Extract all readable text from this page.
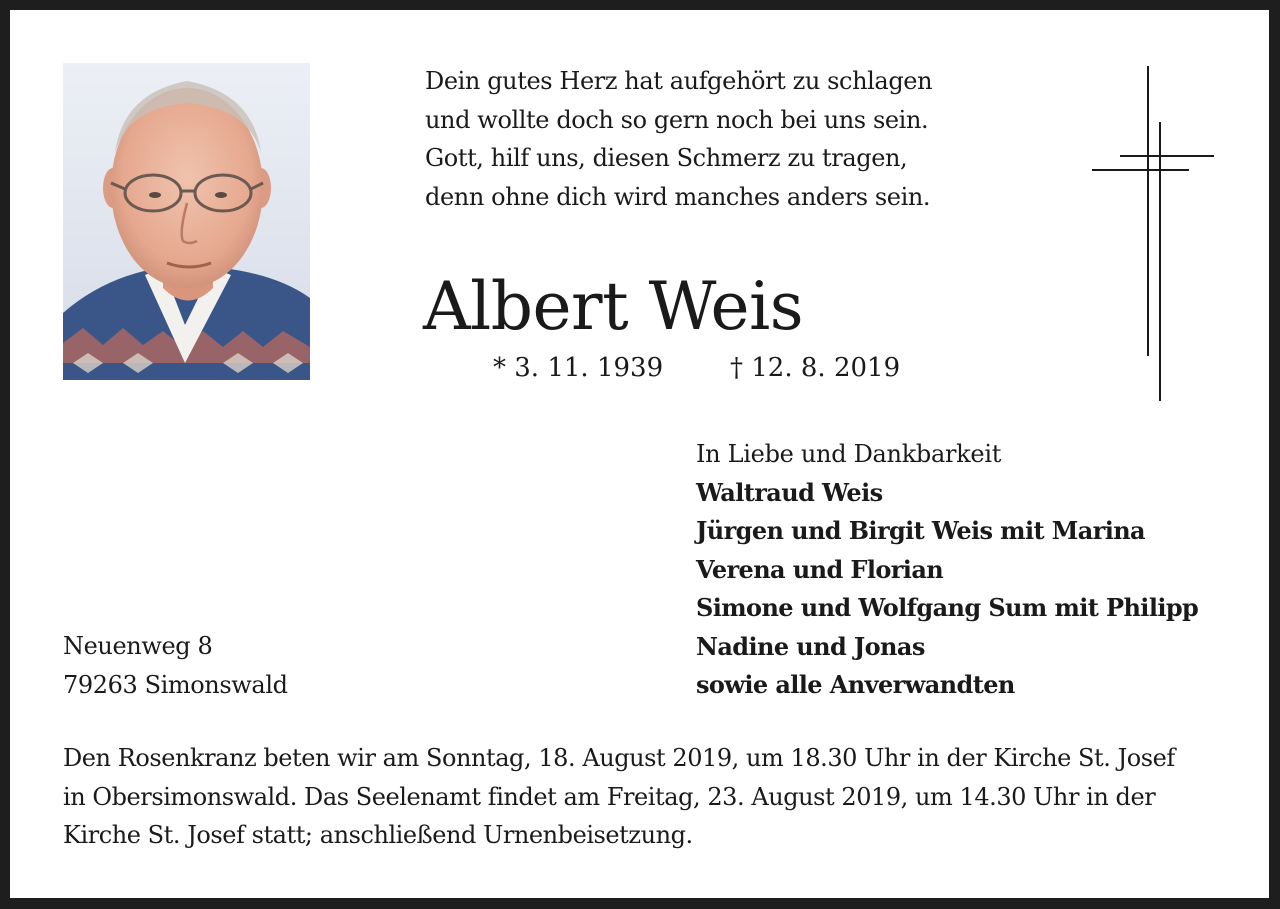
Dein gutes Herz hat aufgehört zu schlagen
und wollte doch so gern noch bei uns sein.
Gott, hilf uns, diesen Schmerz zu tragen,
denn ohne dich wird manches anders sein.
Albert Weis
* 3. 11. 1939	† 12. 8. 2019
In Liebe und Dankbarkeit
Waltraud Weis
Jürgen und Birgit Weis mit Marina
Verena und Florian
Simone und Wolfgang Sum mit Philipp
Nadine und Jonas
sowie alle Anverwandten
Neuenweg 8
79263 Simonswald
Den Rosenkranz beten wir am Sonntag, 18. August 2019, um 18.30 Uhr in der Kirche St. Josef
in Obersimonswald. Das Seelenamt findet am Freitag, 23. August 2019, um 14.30 Uhr in der
Kirche St. Josef statt; anschließend Urnenbeisetzung.
